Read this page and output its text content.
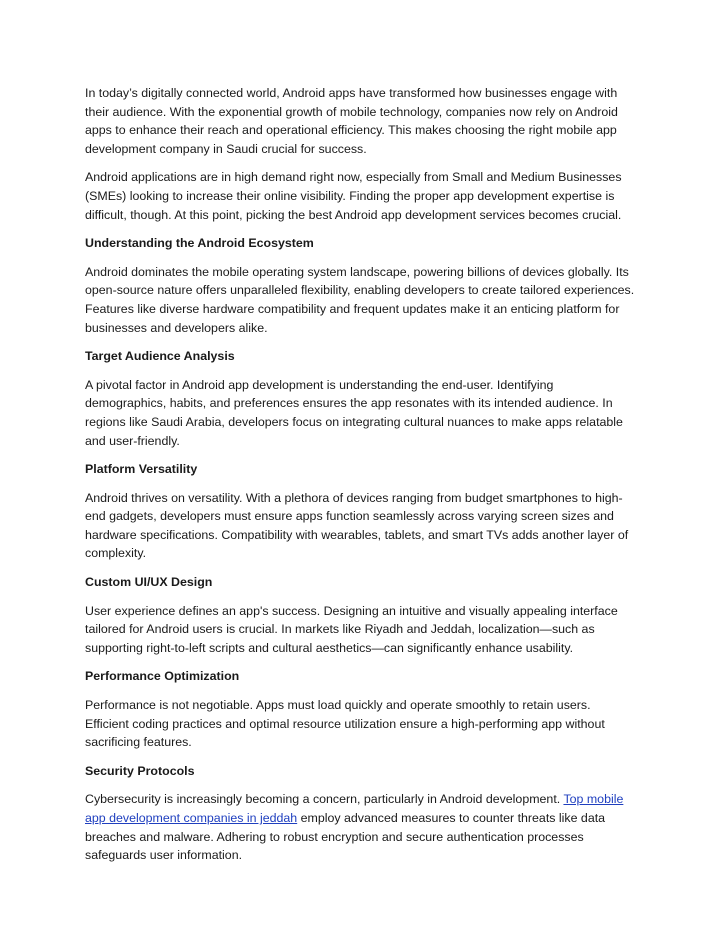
In today’s digitally connected world, Android apps have transformed how businesses engage with their audience. With the exponential growth of mobile technology, companies now rely on Android apps to enhance their reach and operational efficiency. This makes choosing the right mobile app development company in Saudi crucial for success.

Android applications are in high demand right now, especially from Small and Medium Businesses (SMEs) looking to increase their online visibility. Finding the proper app development expertise is difficult, though. At this point, picking the best Android app development services becomes crucial.

Understanding the Android Ecosystem

Android dominates the mobile operating system landscape, powering billions of devices globally. Its open-source nature offers unparalleled flexibility, enabling developers to create tailored experiences. Features like diverse hardware compatibility and frequent updates make it an enticing platform for businesses and developers alike.

Target Audience Analysis

A pivotal factor in Android app development is understanding the end-user. Identifying demographics, habits, and preferences ensures the app resonates with its intended audience. In regions like Saudi Arabia, developers focus on integrating cultural nuances to make apps relatable and user-friendly.

Platform Versatility

Android thrives on versatility. With a plethora of devices ranging from budget smartphones to high-end gadgets, developers must ensure apps function seamlessly across varying screen sizes and hardware specifications. Compatibility with wearables, tablets, and smart TVs adds another layer of complexity.

Custom UI/UX Design

User experience defines an app's success. Designing an intuitive and visually appealing interface tailored for Android users is crucial. In markets like Riyadh and Jeddah, localization—such as supporting right-to-left scripts and cultural aesthetics—can significantly enhance usability.

Performance Optimization

Performance is not negotiable. Apps must load quickly and operate smoothly to retain users. Efficient coding practices and optimal resource utilization ensure a high-performing app without sacrificing features.

Security Protocols

Cybersecurity is increasingly becoming a concern, particularly in Android development. Top mobile app development companies in jeddah employ advanced measures to counter threats like data breaches and malware. Adhering to robust encryption and secure authentication processes safeguards user information.
